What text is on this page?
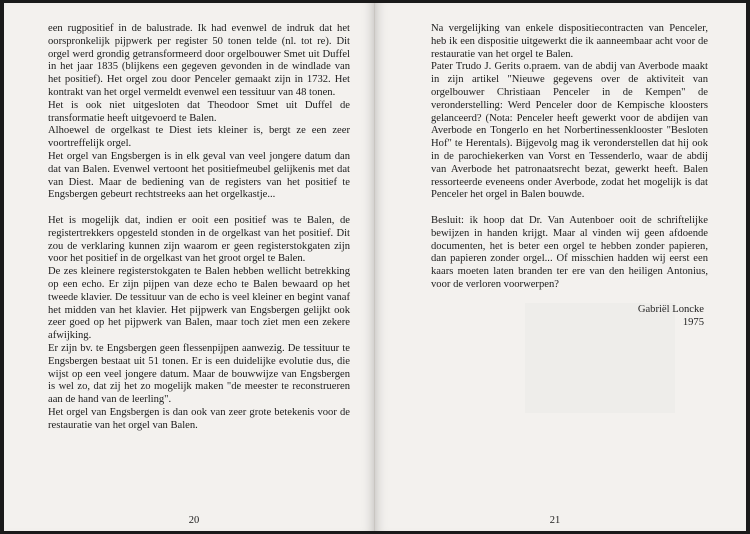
een rugpositief in de balustrade. Ik had evenwel de indruk dat het oorspronkelijk pijpwerk per register 50 tonen telde (nl. tot re). Dit orgel werd grondig getransformeerd door orgelbouwer Smet uit Duffel in het jaar 1835 (blijkens een gegeven gevonden in de windlade van het positief). Het orgel zou door Penceler gemaakt zijn in 1732. Het kontrakt van het orgel vermeldt evenwel een tessituur van 48 tonen.

Het is ook niet uitgesloten dat Theodoor Smet uit Duffel de transformatie heeft uitgevoerd te Balen.

Alhoewel de orgelkast te Diest iets kleiner is, bergt ze een zeer voortreffelijk orgel.

Het orgel van Engsbergen is in elk geval van veel jongere datum dan dat van Balen. Evenwel vertoont het positiefmeubel gelijkenis met dat van Diest. Maar de bediening van de registers van het positief te Engsbergen gebeurt rechtstreeks aan het orgelkastje...

Het is mogelijk dat, indien er ooit een positief was te Balen, de registertrekkers opgesteld stonden in de orgelkast van het positief. Dit zou de verklaring kunnen zijn waarom er geen registerstokgaten zijn voor het positief in de orgelkast van het groot orgel te Balen.

De zes kleinere registerstokgaten te Balen hebben wellicht betrekking op een echo. Er zijn pijpen van deze echo te Balen bewaard op het tweede klavier. De tessituur van de echo is veel kleiner en begint vanaf het midden van het klavier. Het pijpwerk van Engsbergen gelijkt ook zeer goed op het pijpwerk van Balen, maar toch ziet men een zekere afwijking.

Er zijn bv. te Engsbergen geen flessenpijpen aanwezig. De tessituur te Engsbergen bestaat uit 51 tonen. Er is een duidelijke evolutie dus, die wijst op een veel jongere datum. Maar de bouwwijze van Engsbergen is wel zo, dat zij het zo mogelijk maken "de meester te reconstrueren aan de hand van de leerling".

Het orgel van Engsbergen is dan ook van zeer grote betekenis voor de restauratie van het orgel van Balen.

20

Na vergelijking van enkele dispositiecontracten van Penceler, heb ik een dispositie uitgewerkt die ik aanneembaar acht voor de restauratie van het orgel te Balen.

Pater Trudo J. Gerits o.praem. van de abdij van Averbode maakt in zijn artikel "Nieuwe gegevens over de aktiviteit van orgelbouwer Christiaan Penceler in de Kempen" de veronderstelling: Werd Penceler door de Kempische kloosters gelanceerd? (Nota: Penceler heeft gewerkt voor de abdijen van Averbode en Tongerlo en het Norbertinessenklooster "Besloten Hof" te Herentals). Bijgevolg mag ik veronderstellen dat hij ook in de parochiekerken van Vorst en Tessenderlo, waar de abdij van Averbode het patronaatsrecht bezat, gewerkt heeft. Balen ressorteerde eveneens onder Averbode, zodat het mogelijk is dat Penceler het orgel in Balen bouwde.

Besluit: ik hoop dat Dr. Van Autenboer ooit de schriftelijke bewijzen in handen krijgt. Maar al vinden wij geen afdoende documenten, het is beter een orgel te hebben zonder papieren, dan papieren zonder orgel... Of misschien hadden wij eerst een kaars moeten laten branden ter ere van den heiligen Antonius, voor de verloren voorwerpen?

Gabriël Loncke
1975
21
